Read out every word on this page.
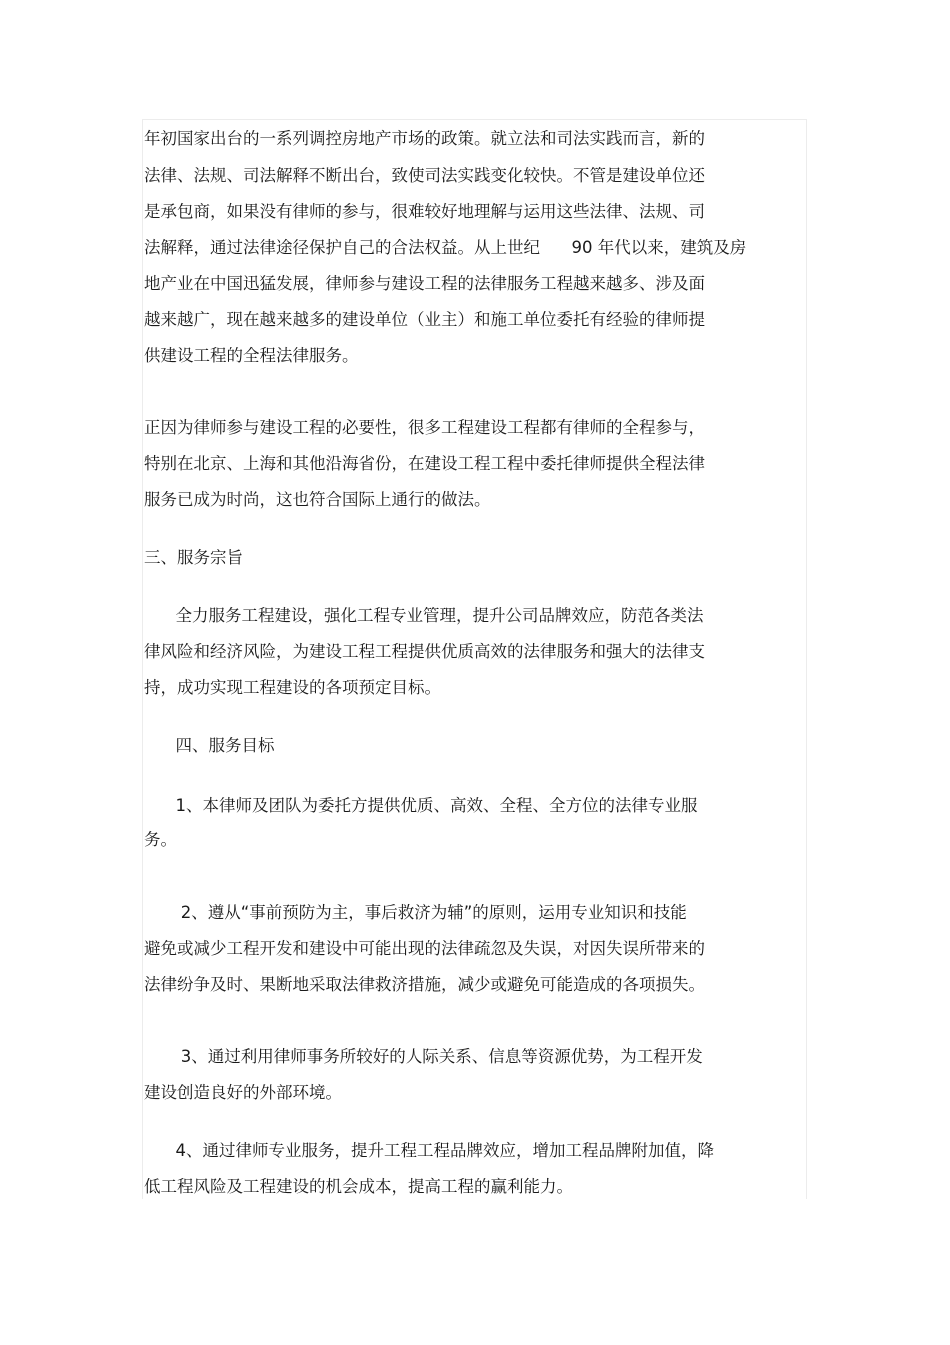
年初国家出台的一系列调控房地产市场的政策。就立法和司法实践而言，新的

法律、法规、司法解释不断出台，致使司法实践变化较快。不管是建设单位还

是承包商，如果没有律师的参与，很难较好地理解与运用这些法律、法规、司

法解释，通过法律途径保护自己的合法权益。从上世纪      90 年代以来，建筑及房

地产业在中国迅猛发展，律师参与建设工程的法律服务工程越来越多、涉及面

越来越广，现在越来越多的建设单位（业主）和施工单位委托有经验的律师提

供建设工程的全程法律服务。

正因为律师参与建设工程的必要性，很多工程建设工程都有律师的全程参与，

特别在北京、上海和其他沿海省份，在建设工程工程中委托律师提供全程法律

服务已成为时尚，这也符合国际上通行的做法。

三、服务宗旨

全力服务工程建设，强化工程专业管理，提升公司品牌效应，防范各类法

律风险和经济风险，为建设工程工程提供优质高效的法律服务和强大的法律支

持，成功实现工程建设的各项预定目标。

四、服务目标

1、本律师及团队为委托方提供优质、高效、全程、全方位的法律专业服

务。

2、遵从“事前预防为主，事后救济为辅”的原则，运用专业知识和技能

避免或减少工程开发和建设中可能出现的法律疏忽及失误，对因失误所带来的

法律纷争及时、果断地采取法律救济措施，减少或避免可能造成的各项损失。

3、通过利用律师事务所较好的人际关系、信息等资源优势，为工程开发

建设创造良好的外部环境。

4、通过律师专业服务，提升工程工程品牌效应，增加工程品牌附加值，降

低工程风险及工程建设的机会成本，提高工程的赢利能力。
